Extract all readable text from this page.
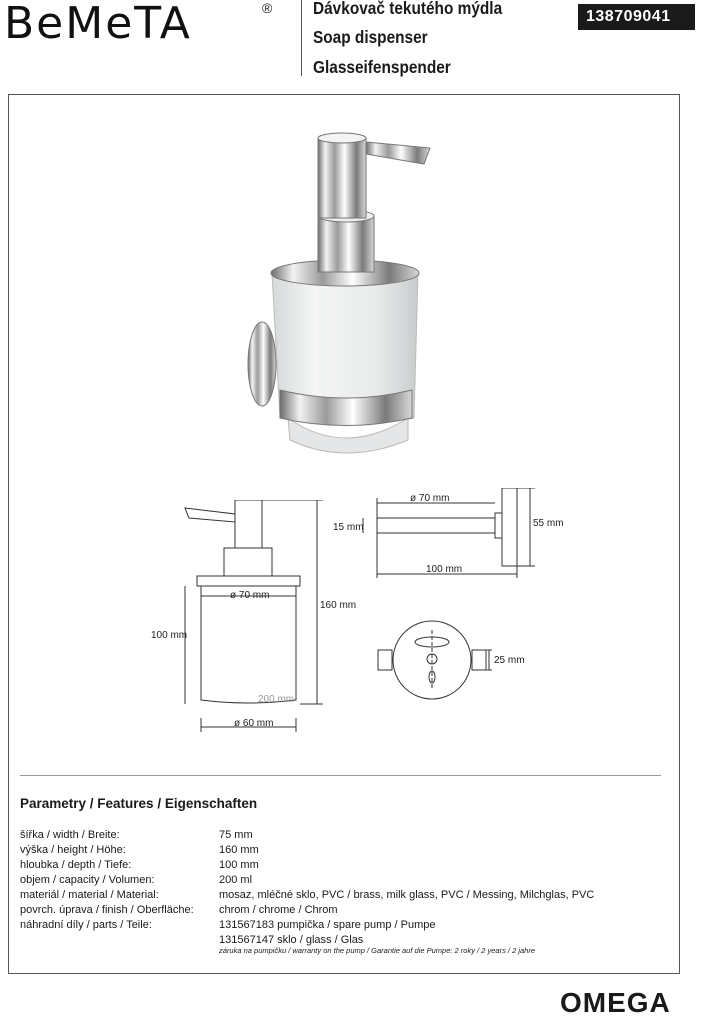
BeMeTA	® Dávkovač tekutého mýdla
Soap dispenser
Glasseifenspender
138709041
ø 70 mm
15 mm	55 mm
100 mm
ø 70 mm
160 mm
100 mm
200 mm
ø 60 mm
25 mm
Parametry / Features / Eigenschaften
šířka / width / Breite:	75 mm
výška / height / Höhe:	160 mm
hloubka / depth / Tiefe:	100 mm
objem / capacity / Volumen:	200 ml
materiál / material / Material:	mosaz, mléčné sklo, PVC / brass, milk glass, PVC / Messing, Milchglas, PVC
povrch. úprava / finish / Oberfläche: chrom / chrome / Chrom
náhradní díly / parts / Teile:	131567183 pumpička / spare pump / Pumpe
131567147 sklo / glass / Glas
záruka na pumpičku / warranty on the pump / Garantie auf die Pumpe: 2 roky / 2 years / 2 jahre
OMEGA
